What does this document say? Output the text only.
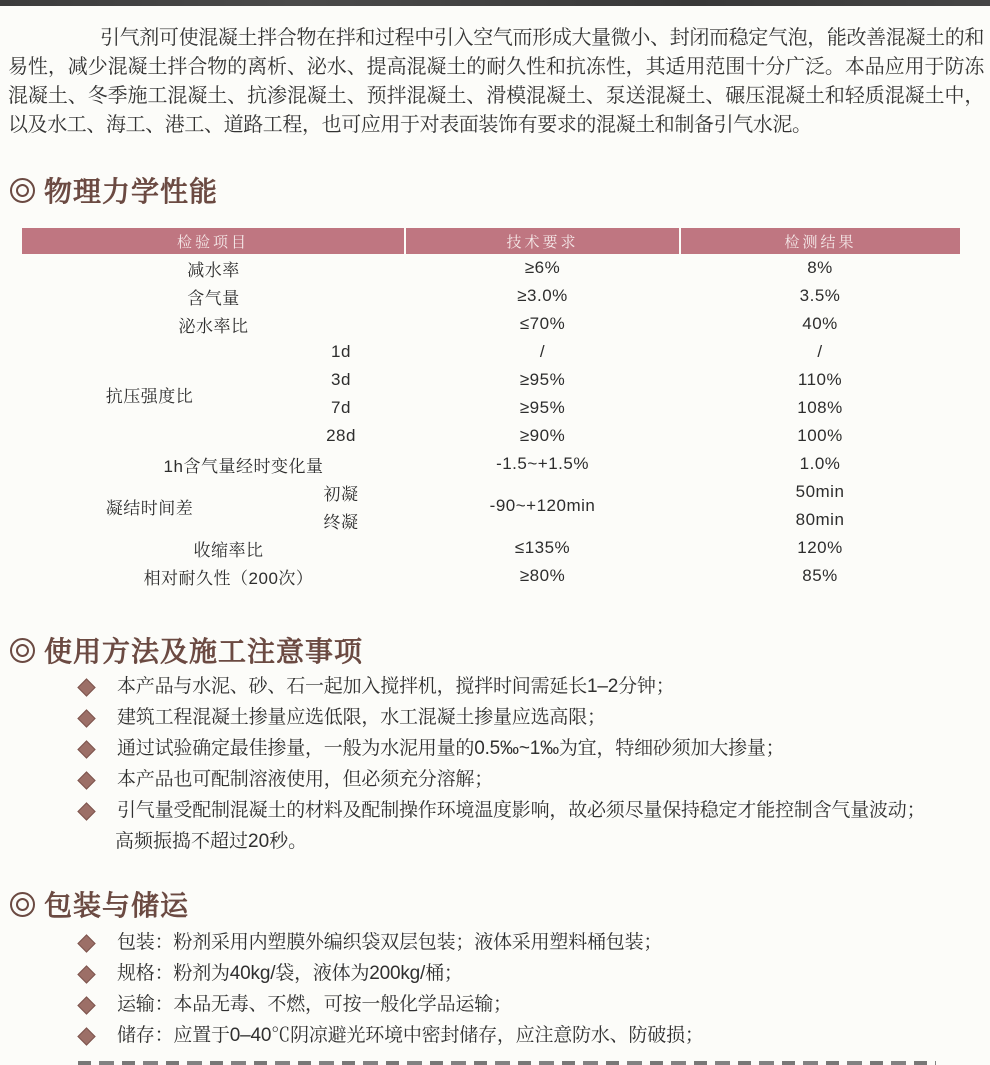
引气剂可使混凝土拌合物在拌和过程中引入空气而形成大量微小、封闭而稳定气泡，能改善混凝土的和易性，减少混凝土拌合物的离析、泌水、提高混凝土的耐久性和抗冻性，其适用范围十分广泛。本品应用于防冻混凝土、冬季施工混凝土、抗渗混凝土、预拌混凝土、滑模混凝土、泵送混凝土、碾压混凝土和轻质混凝土中，以及水工、海工、港工、道路工程，也可应用于对表面装饰有要求的混凝土和制备引气水泥。

物理力学性能
检验项目		技术要求	检测结果
减水率		≥6%	8%
含气量		≥3.0%	3.5%
泌水率比		≤70%	40%
抗压强度比	1d	/	/
	3d	≥95%	110%
	7d	≥95%	108%
	28d	≥90%	100%
1h含气量经时变化量		-1.5~+1.5%	1.0%
凝结时间差	初凝	-90~+120min	50min
	终凝		80min
收缩率比		≤135%	120%
相对耐久性（200次）		≥80%	85%
使用方法及施工注意事项
本产品与水泥、砂、石一起加入搅拌机，搅拌时间需延长1–2分钟；
建筑工程混凝土掺量应选低限，水工混凝土掺量应选高限；
通过试验确定最佳掺量，一般为水泥用量的0.5‰~1‰为宜，特细砂须加大掺量；
本产品也可配制溶液使用，但必须充分溶解；
引气量受配制混凝土的材料及配制操作环境温度影响，故必须尽量保持稳定才能控制含气量波动；
高频振捣不超过20秒。
包装与储运
包装：粉剂采用内塑膜外编织袋双层包装；液体采用塑料桶包装；
规格：粉剂为40kg/袋，液体为200kg/桶；
运输：本品无毒、不燃，可按一般化学品运输；
储存：应置于0–40℃阴凉避光环境中密封储存，应注意防水、防破损；
